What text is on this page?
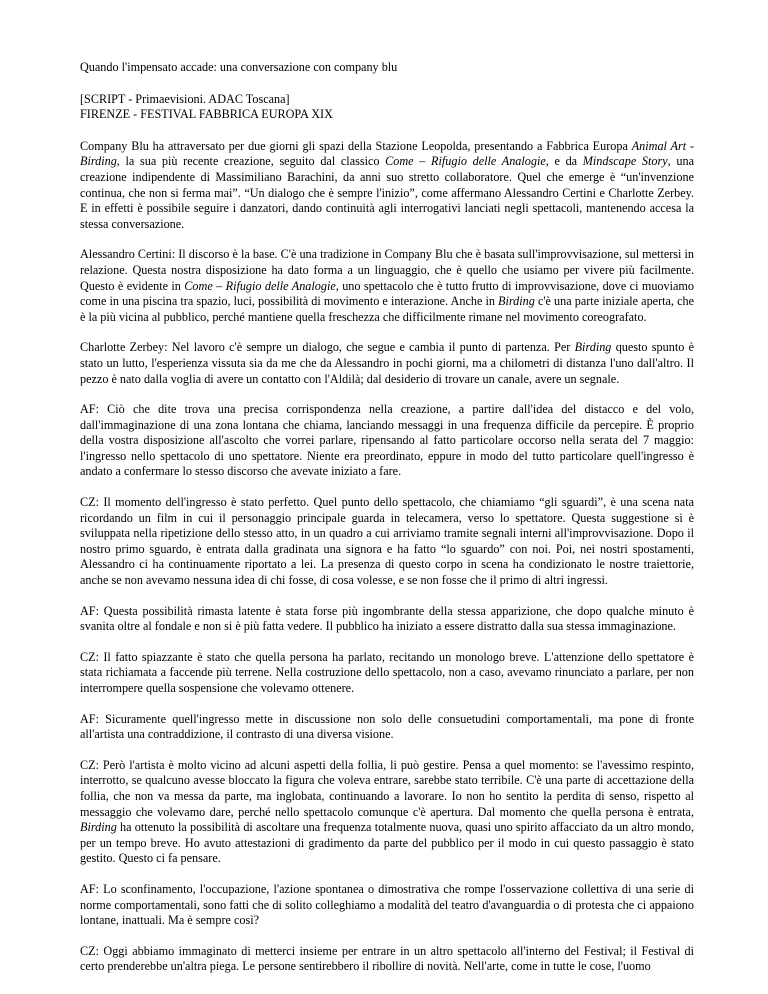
Quando l'impensato accade: una conversazione con company blu

[SCRIPT - Primaevisioni. ADAC Toscana]

FIRENZE - FESTIVAL FABBRICA EUROPA XIX

Company Blu ha attraversato per due giorni gli spazi della Stazione Leopolda, presentando a Fabbrica Europa Animal Art - Birding, la sua più recente creazione, seguito dal classico Come – Rifugio delle Analogie, e da Mindscape Story, una creazione indipendente di Massimiliano Barachini, da anni suo stretto collaboratore. Quel che emerge è “un'invenzione continua, che non si ferma mai”. “Un dialogo che è sempre l'inizio”, come affermano Alessandro Certini e Charlotte Zerbey. E in effetti è possibile seguire i danzatori, dando continuità agli interrogativi lanciati negli spettacoli, mantenendo accesa la stessa conversazione.

Alessandro Certini: Il discorso è la base. C'è una tradizione in Company Blu che è basata sull'improvvisazione, sul mettersi in relazione. Questa nostra disposizione ha dato forma a un linguaggio, che è quello che usiamo per vivere più facilmente. Questo è evidente in Come – Rifugio delle Analogie, uno spettacolo che è tutto frutto di improvvisazione, dove ci muoviamo come in una piscina tra spazio, luci, possibilità di movimento e interazione. Anche in Birding c'è una parte iniziale aperta, che è la più vicina al pubblico, perché mantiene quella freschezza che difficilmente rimane nel movimento coreografato.

Charlotte Zerbey: Nel lavoro c'è sempre un dialogo, che segue e cambia il punto di partenza. Per Birding questo spunto è stato un lutto, l'esperienza vissuta sia da me che da Alessandro in pochi giorni, ma a chilometri di distanza l'uno dall'altro. Il pezzo è nato dalla voglia di avere un contatto con l'Aldilà; dal desiderio di trovare un canale, avere un segnale.

AF: Ciò che dite trova una precisa corrispondenza nella creazione, a partire dall'idea del distacco e del volo, dall'immaginazione di una zona lontana che chiama, lanciando messaggi in una frequenza difficile da percepire. È proprio della vostra disposizione all'ascolto che vorrei parlare, ripensando al fatto particolare occorso nella serata del 7 maggio: l'ingresso nello spettacolo di uno spettatore. Niente era preordinato, eppure in modo del tutto particolare quell'ingresso è andato a confermare lo stesso discorso che avevate iniziato a fare.

CZ: Il momento dell'ingresso è stato perfetto. Quel punto dello spettacolo, che chiamiamo “gli sguardi”, è una scena nata ricordando un film in cui il personaggio principale guarda in telecamera, verso lo spettatore. Questa suggestione si è sviluppata nella ripetizione dello stesso atto, in un quadro a cui arriviamo tramite segnali interni all'improvvisazione. Dopo il nostro primo sguardo, è entrata dalla gradinata una signora e ha fatto “lo sguardo” con noi. Poi, nei nostri spostamenti, Alessandro ci ha continuamente riportato a lei. La presenza di questo corpo in scena ha condizionato le nostre traiettorie, anche se non avevamo nessuna idea di chi fosse, di cosa volesse, e se non fosse che il primo di altri ingressi.

AF: Questa possibilità rimasta latente è stata forse più ingombrante della stessa apparizione, che dopo qualche minuto è svanita oltre al fondale e non si è più fatta vedere. Il pubblico ha iniziato a essere distratto dalla sua stessa immaginazione.

CZ: Il fatto spiazzante è stato che quella persona ha parlato, recitando un monologo breve. L'attenzione dello spettatore è stata richiamata a faccende più terrene. Nella costruzione dello spettacolo, non a caso, avevamo rinunciato a parlare, per non interrompere quella sospensione che volevamo ottenere.

AF: Sicuramente quell'ingresso mette in discussione non solo delle consuetudini comportamentali, ma pone di fronte all'artista una contraddizione, il contrasto di una diversa visione.

CZ: Però l'artista è molto vicino ad alcuni aspetti della follia, li può gestire. Pensa a quel momento: se l'avessimo respinto, interrotto, se qualcuno avesse bloccato la figura che voleva entrare, sarebbe stato terribile. C'è una parte di accettazione della follia, che non va messa da parte, ma inglobata, continuando a lavorare. Io non ho sentito la perdita di senso, rispetto al messaggio che volevamo dare, perché nello spettacolo comunque c'è apertura. Dal momento che quella persona è entrata, Birding ha ottenuto la possibilità di ascoltare una frequenza totalmente nuova, quasi uno spirito affacciato da un altro mondo, per un tempo breve. Ho avuto attestazioni di gradimento da parte del pubblico per il modo in cui questo passaggio è stato gestito. Questo ci fa pensare.

AF: Lo sconfinamento, l'occupazione, l'azione spontanea o dimostrativa che rompe l'osservazione collettiva di una serie di norme comportamentali, sono fatti che di solito colleghiamo a modalità del teatro d'avanguardia o di protesta che ci appaiono lontane, inattuali. Ma è sempre così?

CZ: Oggi abbiamo immaginato di metterci insieme per entrare in un altro spettacolo all'interno del Festival; il Festival di certo prenderebbe un'altra piega. Le persone sentirebbero il ribollire di novità. Nell'arte, come in tutte le cose, l'uomo
